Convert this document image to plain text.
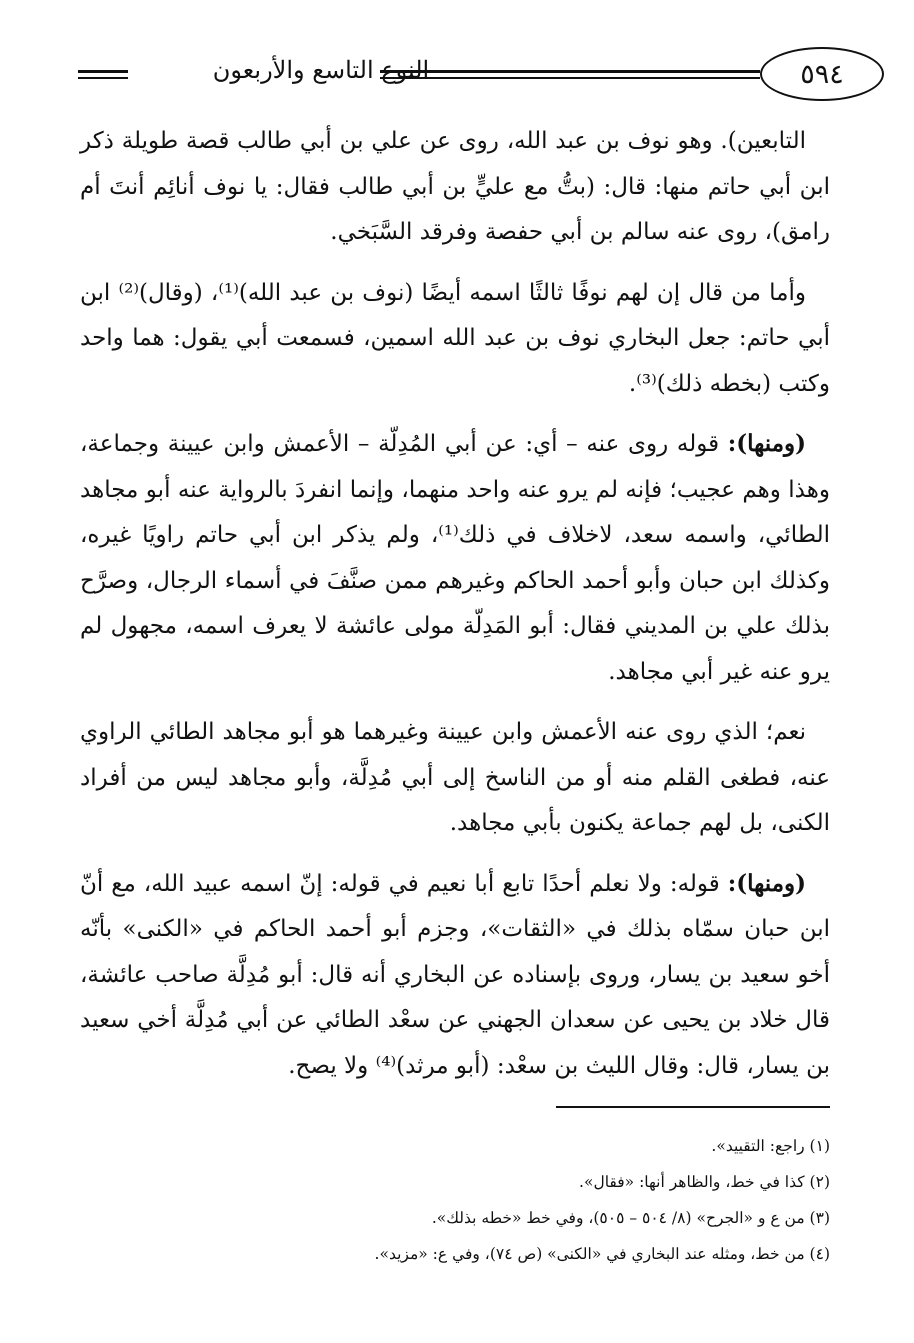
٥٩٤
النوع التاسع والأربعون

التابعين). وهو نوف بن عبد الله، روى عن علي بن أبي طالب قصة طويلة ذكر ابن أبي حاتم منها: قال: (بتُّ مع عليٍّ بن أبي طالب فقال: يا نوف أنائِم أنتَ أم رامق)، روى عنه سالم بن أبي حفصة وفرقد السَّبَخي.

وأما من قال إن لهم نوفًا ثالثًا اسمه أيضًا (نوف بن عبد الله)⁽¹⁾، (وقال)⁽²⁾ ابن أبي حاتم: جعل البخاري نوف بن عبد الله اسمين، فسمعت أبي يقول: هما واحد وكتب (بخطه ذلك)⁽³⁾.

(ومنها): قوله روى عنه – أي: عن أبي المُدِلّة – الأعمش وابن عيينة وجماعة، وهذا وهم عجيب؛ فإنه لم يرو عنه واحد منهما، وإنما انفردَ بالرواية عنه أبو مجاهد الطائي، واسمه سعد، لاخلاف في ذلك⁽¹⁾، ولم يذكر ابن أبي حاتم راويًا غيره، وكذلك ابن حبان وأبو أحمد الحاكم وغيرهم ممن صنَّفَ في أسماء الرجال، وصرَّح بذلك علي بن المديني فقال: أبو المَدِلّة مولى عائشة لا يعرف اسمه، مجهول لم يرو عنه غير أبي مجاهد.

نعم؛ الذي روى عنه الأعمش وابن عيينة وغيرهما هو أبو مجاهد الطائي الراوي عنه، فطغى القلم منه أو من الناسخ إلى أبي مُدِلَّة، وأبو مجاهد ليس من أفراد الكنى، بل لهم جماعة يكنون بأبي مجاهد.

(ومنها): قوله: ولا نعلم أحدًا تابع أبا نعيم في قوله: إنّ اسمه عبيد الله، مع أنّ ابن حبان سمّاه بذلك في «الثقات»، وجزم أبو أحمد الحاكم في «الكنى» بأنّه أخو سعيد بن يسار، وروى بإسناده عن البخاري أنه قال: أبو مُدِلَّة صاحب عائشة، قال خلاد بن يحيى عن سعدان الجهني عن سعْد الطائي عن أبي مُدِلَّة أخي سعيد بن يسار، قال: وقال الليث بن سعْد: (أبو مرثد)⁽⁴⁾ ولا يصح.

(١) راجع: التقييد».
(٢) كذا في خط، والظاهر أنها: «فقال».
(٣) من ع و «الجرح» (٨/ ٥٠٤ – ٥٠٥)، وفي خط «خطه بذلك».
(٤) من خط، ومثله عند البخاري في «الكنى» (ص ٧٤)، وفي ع: «مزيد».
